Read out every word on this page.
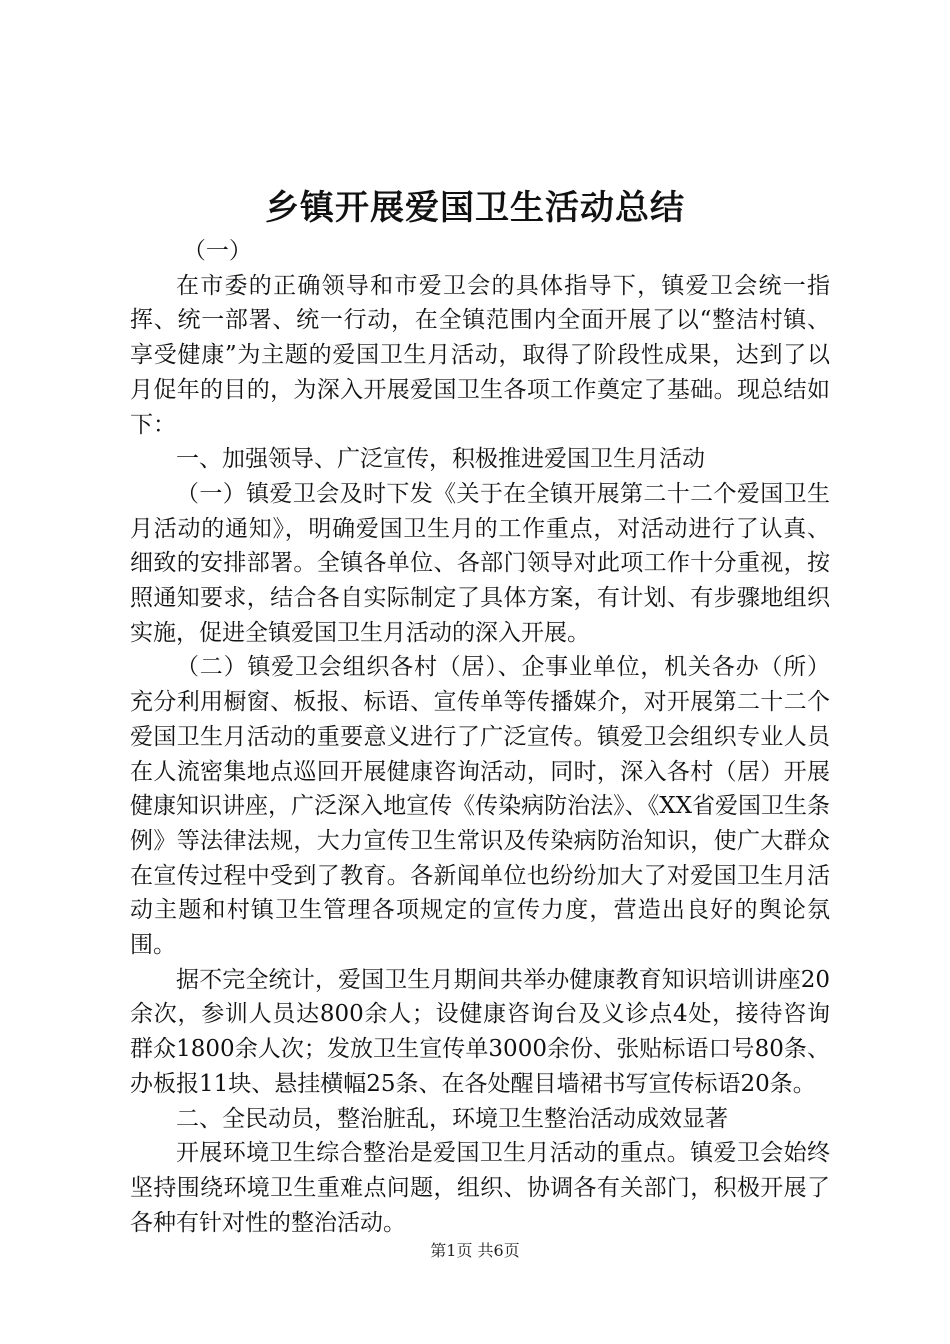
乡镇开展爱国卫生活动总结

（一）

在市委的正确领导和市爱卫会的具体指导下，镇爱卫会统一指挥、统一部署、统一行动，在全镇范围内全面开展了以“整洁村镇、享受健康”为主题的爱国卫生月活动，取得了阶段性成果，达到了以月促年的目的，为深入开展爱国卫生各项工作奠定了基础。现总结如下：

一、加强领导、广泛宣传，积极推进爱国卫生月活动

（一）镇爱卫会及时下发《关于在全镇开展第二十二个爱国卫生月活动的通知》，明确爱国卫生月的工作重点，对活动进行了认真、细致的安排部署。全镇各单位、各部门领导对此项工作十分重视，按照通知要求，结合各自实际制定了具体方案，有计划、有步骤地组织实施，促进全镇爱国卫生月活动的深入开展。

（二）镇爱卫会组织各村（居）、企事业单位，机关各办（所）充分利用橱窗、板报、标语、宣传单等传播媒介，对开展第二十二个爱国卫生月活动的重要意义进行了广泛宣传。镇爱卫会组织专业人员在人流密集地点巡回开展健康咨询活动，同时，深入各村（居）开展健康知识讲座，广泛深入地宣传《传染病防治法》、《XX省爱国卫生条例》等法律法规，大力宣传卫生常识及传染病防治知识，使广大群众在宣传过程中受到了教育。各新闻单位也纷纷加大了对爱国卫生月活动主题和村镇卫生管理各项规定的宣传力度，营造出良好的舆论氛围。

据不完全统计，爱国卫生月期间共举办健康教育知识培训讲座20余次，参训人员达800余人；设健康咨询台及义诊点4处，接待咨询群众1800余人次；发放卫生宣传单3000余份、张贴标语口号80条、办板报11块、悬挂横幅25条、在各处醒目墙裙书写宣传标语20条。

二、全民动员，整治脏乱，环境卫生整治活动成效显著

开展环境卫生综合整治是爱国卫生月活动的重点。镇爱卫会始终坚持围绕环境卫生重难点问题，组织、协调各有关部门，积极开展了各种有针对性的整治活动。

第1页 共6页
